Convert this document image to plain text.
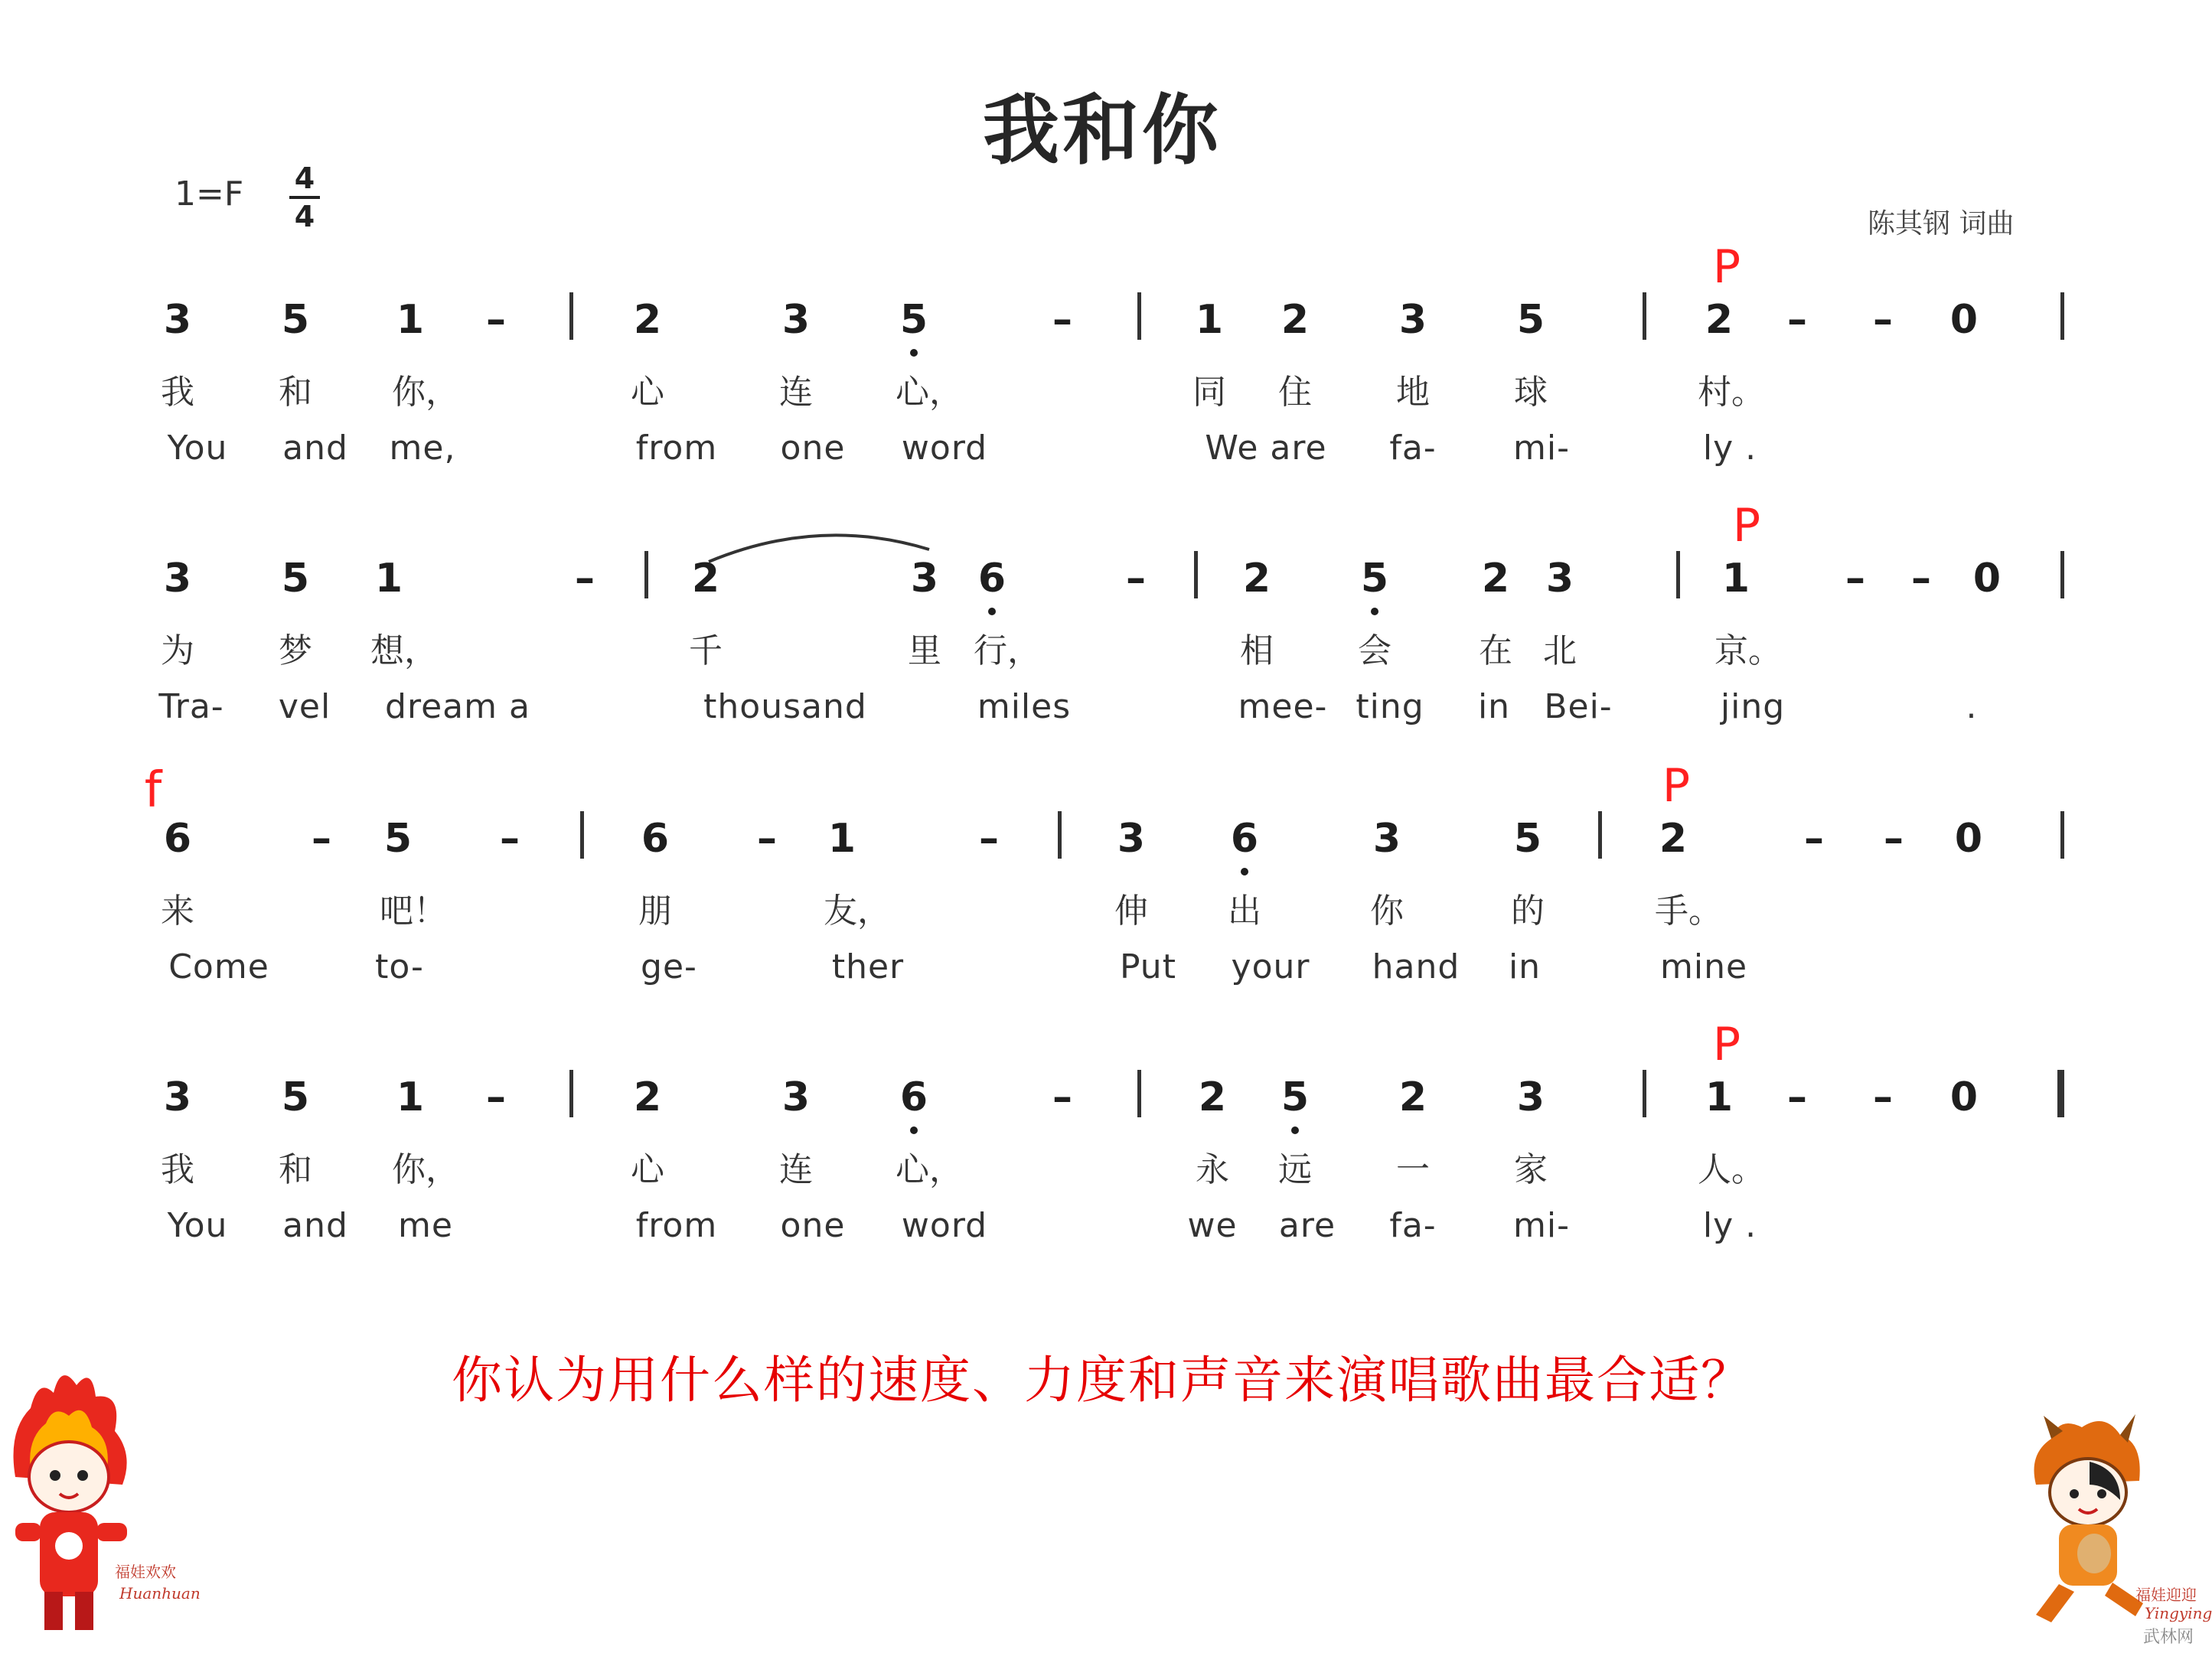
我和你
1=F 4
4	陈其钢 词曲
3 5 1 –	2	3 5	–	1 2 3 5	2 – – 0
我	和 你，	心	连 心，	同 住	地	球	村。
You and me,	from one word	We are fa- mi-	ly .
P
3 5 1	– 2	3 6	– 2 5 2 3	1 – – 0
为	梦 想，	千	里 行，	相	会	在 北	京。
Tra- vel dream a	thousand	miles	mee- ting in Bei-	jing	.
P
f
6	– 5 –	6 – 1	–	3 6	3	5	2	– – 0
来	吧！	朋	友，	伸 出	你	的	手。
Come	to-	ge-	ther	Put your hand in	mine
P
3 5 1 –	2	3 6	–	2 5 2 3	1 – – 0
我	和 你，	心	连 心，	永 远	一	家	人。
You and me	from one word	we are fa- mi-	ly .
P
你认为用什么样的速度、力度和声音来演唱歌曲最合适？
福娃欢欢
Huanhuan	福娃迎迎
Yingying
武林网
